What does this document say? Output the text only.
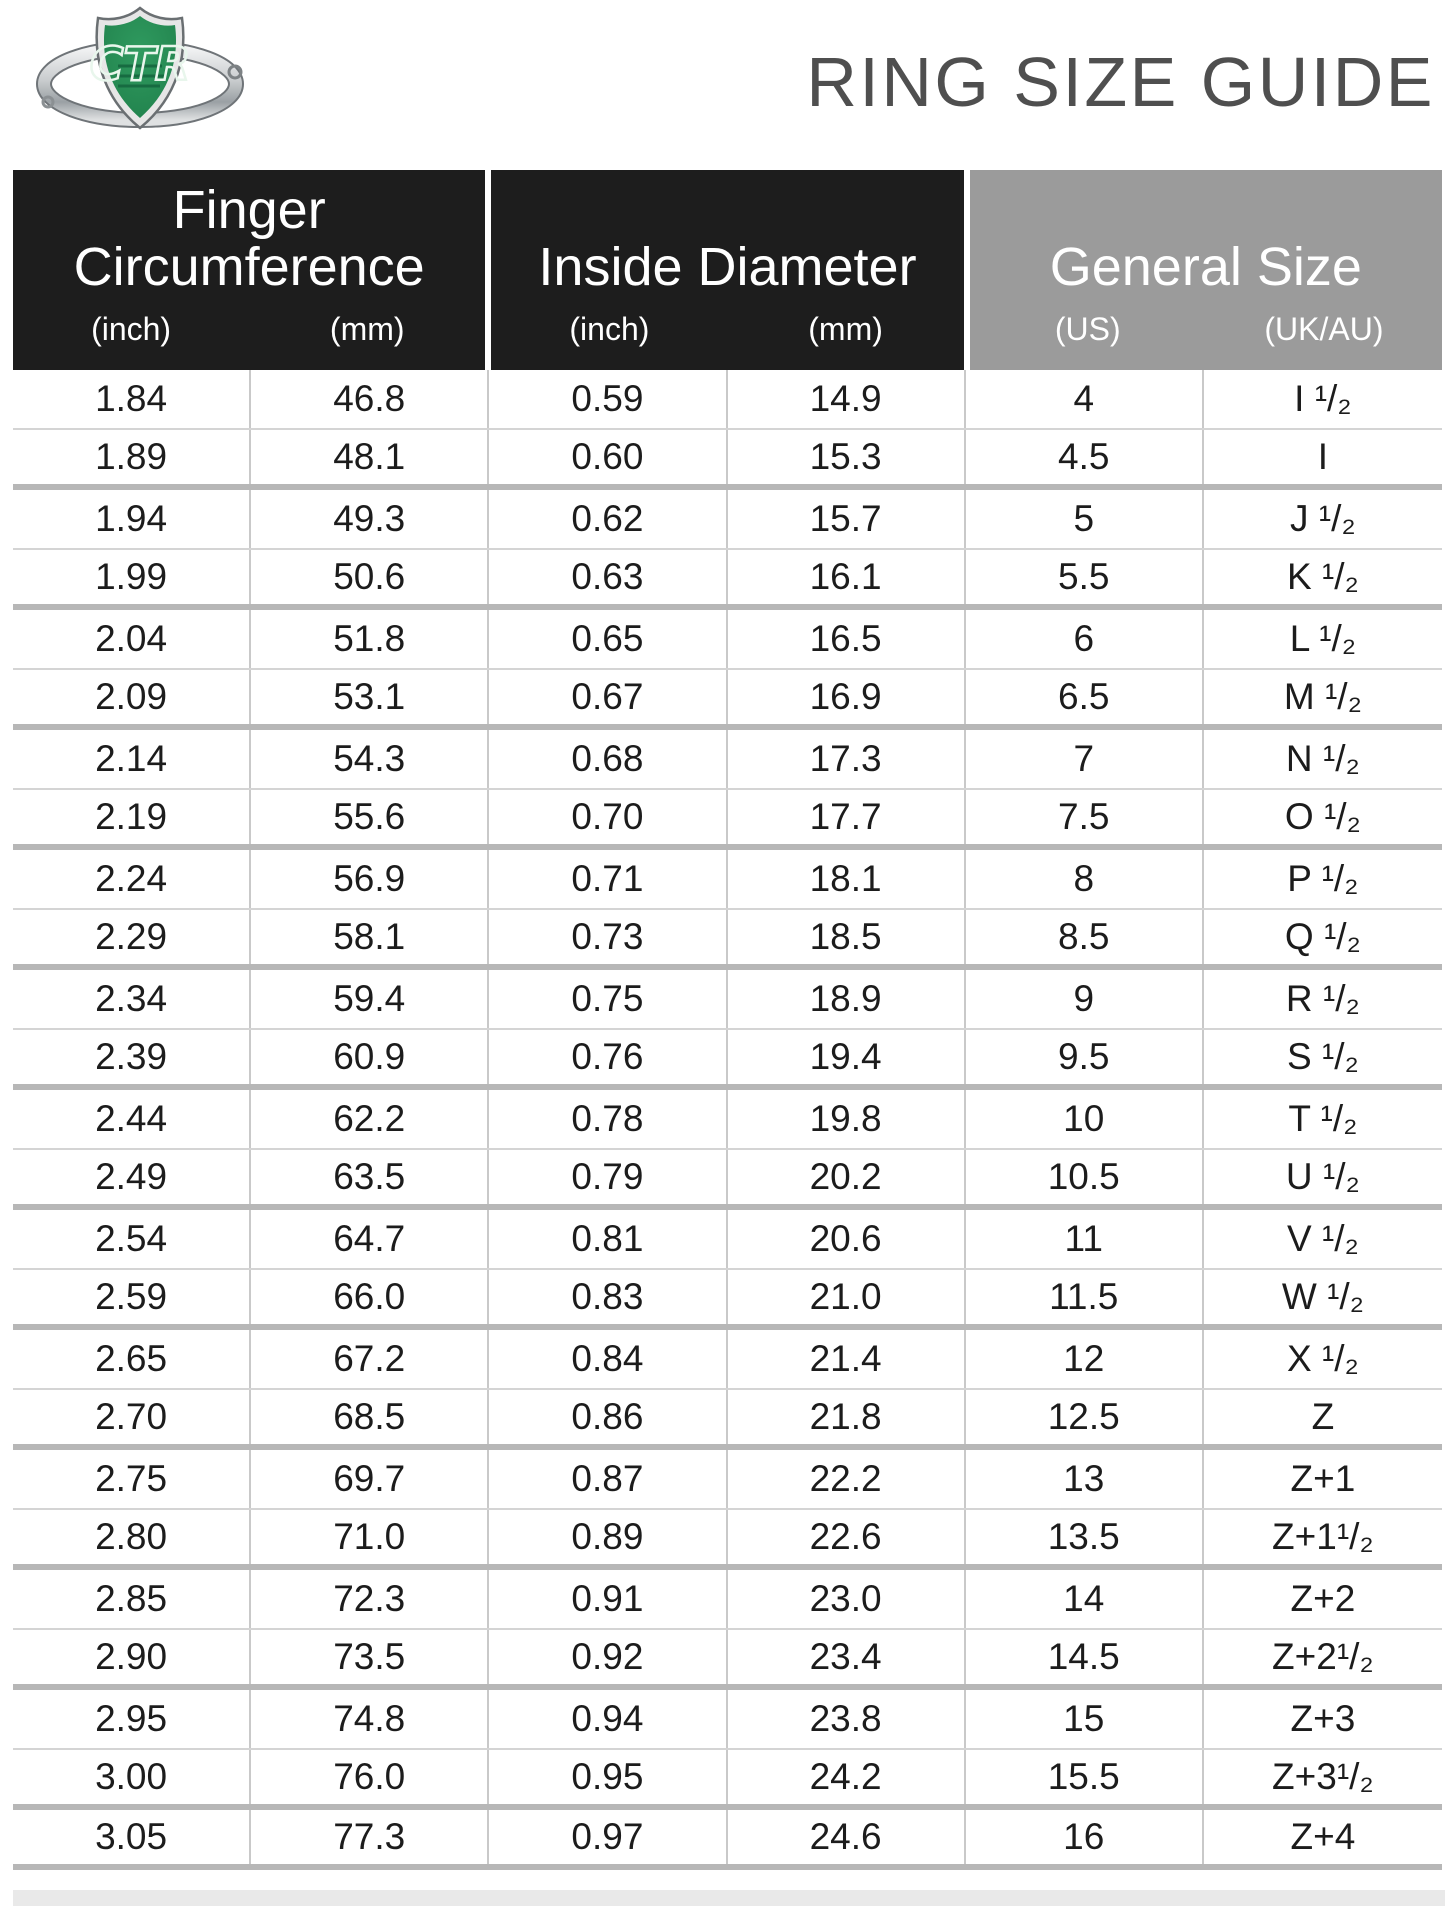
CTR	RING SIZE GUIDE
Finger Circumference
(inch)	(mm)
Inside Diameter
(inch)	(mm)
General Size
(US)	(UK/AU)
1.84	46.8	0.59	14.9	4	I ¹/₂
1.89	48.1	0.60	15.3	4.5	I
1.94	49.3	0.62	15.7	5	J ¹/₂
1.99	50.6	0.63	16.1	5.5	K ¹/₂
2.04	51.8	0.65	16.5	6	L ¹/₂
2.09	53.1	0.67	16.9	6.5	M ¹/₂
2.14	54.3	0.68	17.3	7	N ¹/₂
2.19	55.6	0.70	17.7	7.5	O ¹/₂
2.24	56.9	0.71	18.1	8	P ¹/₂
2.29	58.1	0.73	18.5	8.5	Q ¹/₂
2.34	59.4	0.75	18.9	9	R ¹/₂
2.39	60.9	0.76	19.4	9.5	S ¹/₂
2.44	62.2	0.78	19.8	10	T ¹/₂
2.49	63.5	0.79	20.2	10.5	U ¹/₂
2.54	64.7	0.81	20.6	11	V ¹/₂
2.59	66.0	0.83	21.0	11.5	W ¹/₂
2.65	67.2	0.84	21.4	12	X ¹/₂
2.70	68.5	0.86	21.8	12.5	Z
2.75	69.7	0.87	22.2	13	Z+1
2.80	71.0	0.89	22.6	13.5	Z+1¹/₂
2.85	72.3	0.91	23.0	14	Z+2
2.90	73.5	0.92	23.4	14.5	Z+2¹/₂
2.95	74.8	0.94	23.8	15	Z+3
3.00	76.0	0.95	24.2	15.5	Z+3¹/₂
3.05	77.3	0.97	24.6	16	Z+4
